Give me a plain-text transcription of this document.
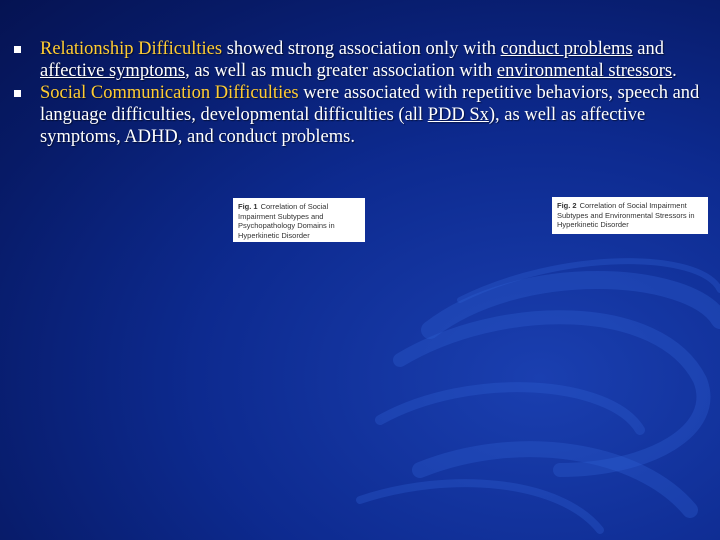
Relationship Difficulties showed strong association only with conduct problems and affective symptoms, as well as much greater association with environmental stressors.
Social Communication Difficulties were associated with repetitive behaviors, speech and language difficulties, developmental difficulties (all PDD Sx), as well as affective symptoms, ADHD, and conduct problems.
Fig. 1 Correlation of Social Impairment Subtypes and Psychopathology Domains in Hyperkinetic Disorder
Fig. 2 Correlation of Social Impairment Subtypes and Environmental Stressors in Hyperkinetic Disorder
